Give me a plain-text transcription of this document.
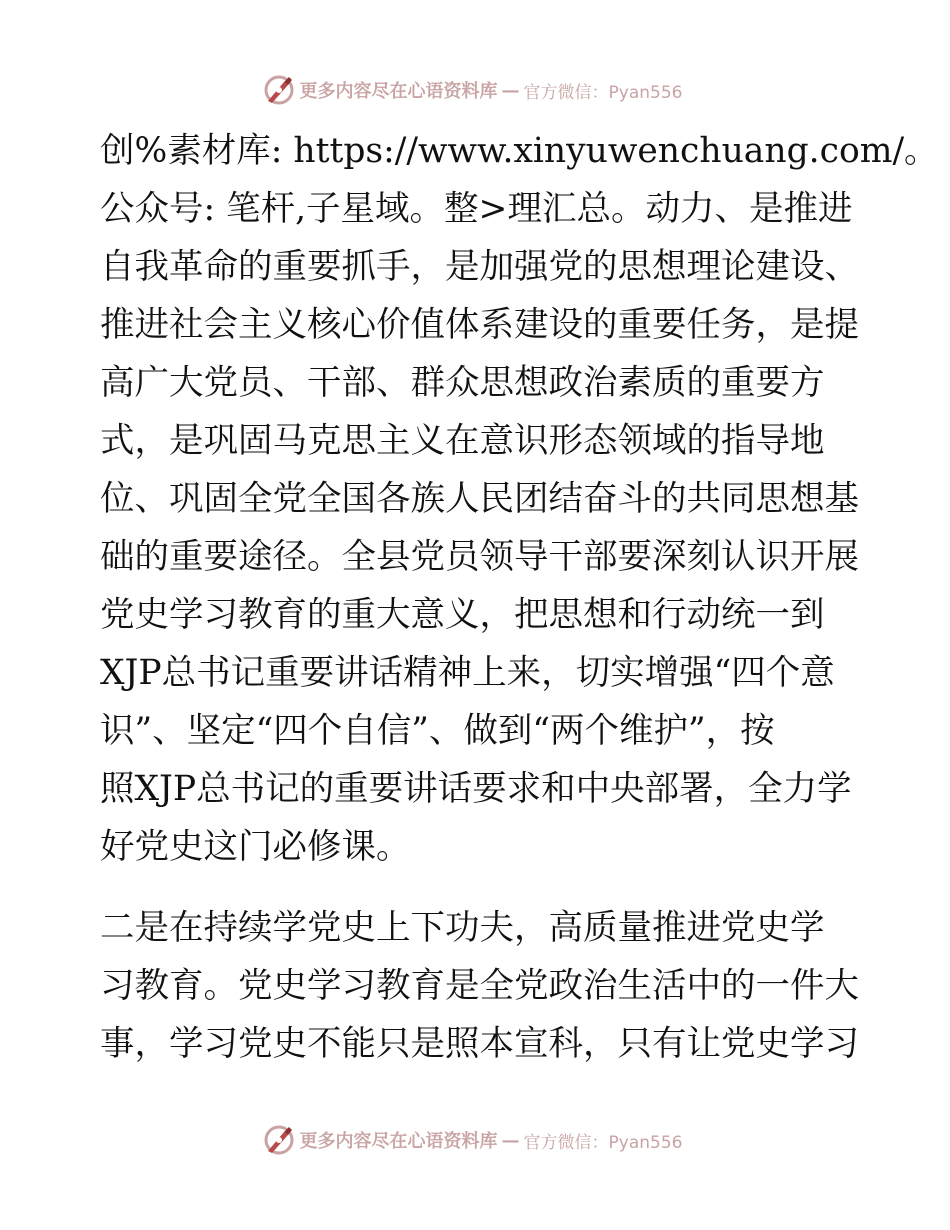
更多内容尽在心语资料库 — 官方微信：Pyan556
创%素材库: https://www.xinyuwenchuang.com/。
公众号: 笔杆,子星域。整>理汇总。动力、是推进
自我革命的重要抓手，是加强党的思想理论建设、
推进社会主义核心价值体系建设的重要任务，是提
高广大党员、干部、群众思想政治素质的重要方
式，是巩固马克思主义在意识形态领域的指导地
位、巩固全党全国各族人民团结奋斗的共同思想基
础的重要途径。全县党员领导干部要深刻认识开展
党史学习教育的重大意义，把思想和行动统一到
XJP总书记重要讲话精神上来，切实增强“四个意
识”、坚定“四个自信”、做到“两个维护”，按
照XJP总书记的重要讲话要求和中央部署，全力学
好党史这门必修课。
二是在持续学党史上下功夫，高质量推进党史学
习教育。党史学习教育是全党政治生活中的一件大
事，学习党史不能只是照本宣科，只有让党史学习
更多内容尽在心语资料库 — 官方微信：Pyan556
